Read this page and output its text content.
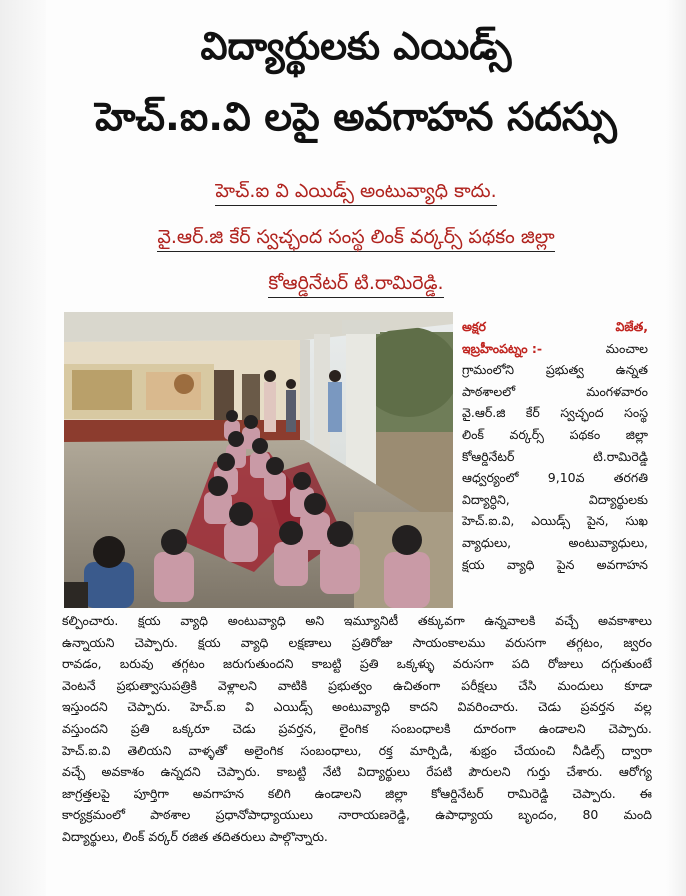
విద్యార్థులకు ఎయిడ్స్
హెచ్.ఐ.వి లపై అవగాహన సదస్సు
హెచ్.ఐ వి ఎయిడ్స్ అంటువ్యాధి కాదు.
వై.ఆర్.జి కేర్ స్వచ్ఛంద సంస్థ లింక్ వర్కర్స్ పథకం జిల్లా
కోఆర్డినేటర్ టి.రామిరెడ్డి.
అక్షర	విజేత,
ఇబ్రహీంపట్నం :-	మంచాల
గ్రామంలోని	ప్రభుత్వ	ఉన్నత
పాఠశాలలో	మంగళవారం
వై.ఆర్.జి కేర్ స్వచ్ఛంద సంస్థ
లింక్ వర్కర్స్ పథకం జిల్లా
కోఆర్డినేటర్	టి.రామిరెడ్డి
ఆధ్వర్యంలో 9,10వ తరగతి
విద్యార్ధిని,	విద్యార్థులకు
హెచ్.ఐ.వి, ఎయిడ్స్ పైన, సుఖ
వ్యాధులు,	అంటువ్యాధులు,
క్షయ వ్యాధి పైన అవగాహన
కల్పించారు. క్షయ వ్యాధి అంటువ్యాధి అని ఇమ్యూనిటీ తక్కువగా ఉన్నవాలకి వచ్చే అవకాశాలు
ఉన్నాయని చెప్పారు. క్షయ వ్యాధి లక్షణాలు ప్రతిరోజు సాయంకాలము వరుసగా తగ్గటం, జ్వరం
రావడం, బరువు తగ్గటం జరుగుతుందని కాబట్టి ప్రతి ఒక్కళ్ళు వరుసగా పది రోజులు దగ్గుతుంటే
వెంటనే ప్రభుత్వాసుపత్రికి వెళ్లాలని వాటికి ప్రభుత్వం ఉచితంగా పరీక్షలు చేసి మందులు కూడా
ఇస్తుందని చెప్పారు. హెచ్.ఐ వి ఎయిడ్స్ అంటువ్యాధి కాదని వివరించారు. చెడు ప్రవర్తన వల్ల
వస్తుందని ప్రతి ఒక్కరూ చెడు ప్రవర్తన, లైంగిక సంబంధాలకి దూరంగా ఉండాలని చెప్పారు.
హెచ్.ఐ.వి తెలియని వాళ్ళతో అలైంగిక సంబంధాలు, రక్త మార్పిడి, శుభ్రం చేయంచి నీడిల్స్ ద్వారా
వచ్చే అవకాశం ఉన్నదని చెప్పారు. కాబట్టి నేటి విద్యార్థులు రేపటి పౌరులని గుర్తు చేశారు. ఆరోగ్య
జాగ్రత్తలపై పూర్తిగా అవగాహన కలిగి ఉండాలని జిల్లా కోఆర్డినేటర్ రామిరెడ్డి చెప్పారు. ఈ
కార్యక్రమంలో పాఠశాల ప్రధానోపాధ్యాయులు నారాయణరెడ్డి, ఉపాధ్యాయ బృందం, 80 మంది
విద్యార్థులు, లింక్ వర్కర్ రజిత తదితరులు పాల్గొన్నారు.
